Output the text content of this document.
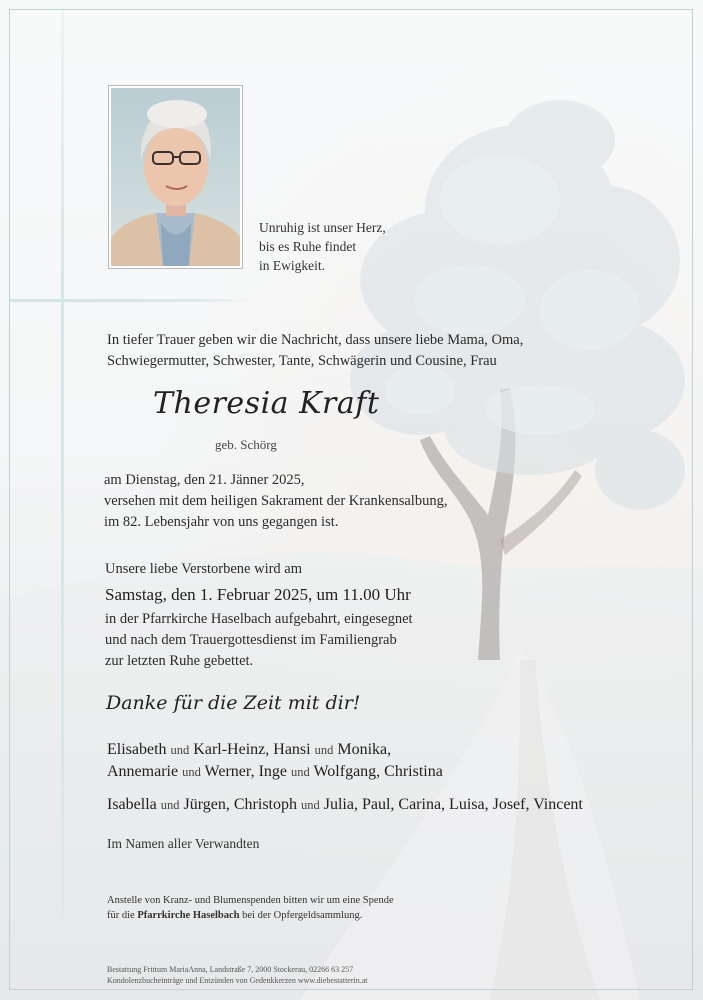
Unruhig ist unser Herz,
bis es Ruhe findet
in Ewigkeit.
In tiefer Trauer geben wir die Nachricht, dass unsere liebe Mama, Oma,
Schwiegermutter, Schwester, Tante, Schwägerin und Cousine, Frau
Theresia Kraft
geb. Schörg
am Dienstag, den 21. Jänner 2025,
versehen mit dem heiligen Sakrament der Krankensalbung,
im 82. Lebensjahr von uns gegangen ist.
Unsere liebe Verstorbene wird am
Samstag, den 1. Februar 2025, um 11.00 Uhr
in der Pfarrkirche Haselbach aufgebahrt, eingesegnet
und nach dem Trauergottesdienst im Familiengrab
zur letzten Ruhe gebettet.
Danke für die Zeit mit dir!
Elisabeth und Karl-Heinz, Hansi und Monika,
Annemarie und Werner, Inge und Wolfgang, Christina
Isabella und Jürgen, Christoph und Julia, Paul, Carina, Luisa, Josef, Vincent
Im Namen aller Verwandten
Anstelle von Kranz- und Blumenspenden bitten wir um eine Spende
für die Pfarrkirche Haselbach bei der Opfergeldsammlung.
Bestattung Frittum MariaAnna, Landstraße 7, 2000 Stockerau, 02266 63 257
Kondolenzbucheinträge und Entzünden von Gedenkkerzen www.diebestatterin.at
